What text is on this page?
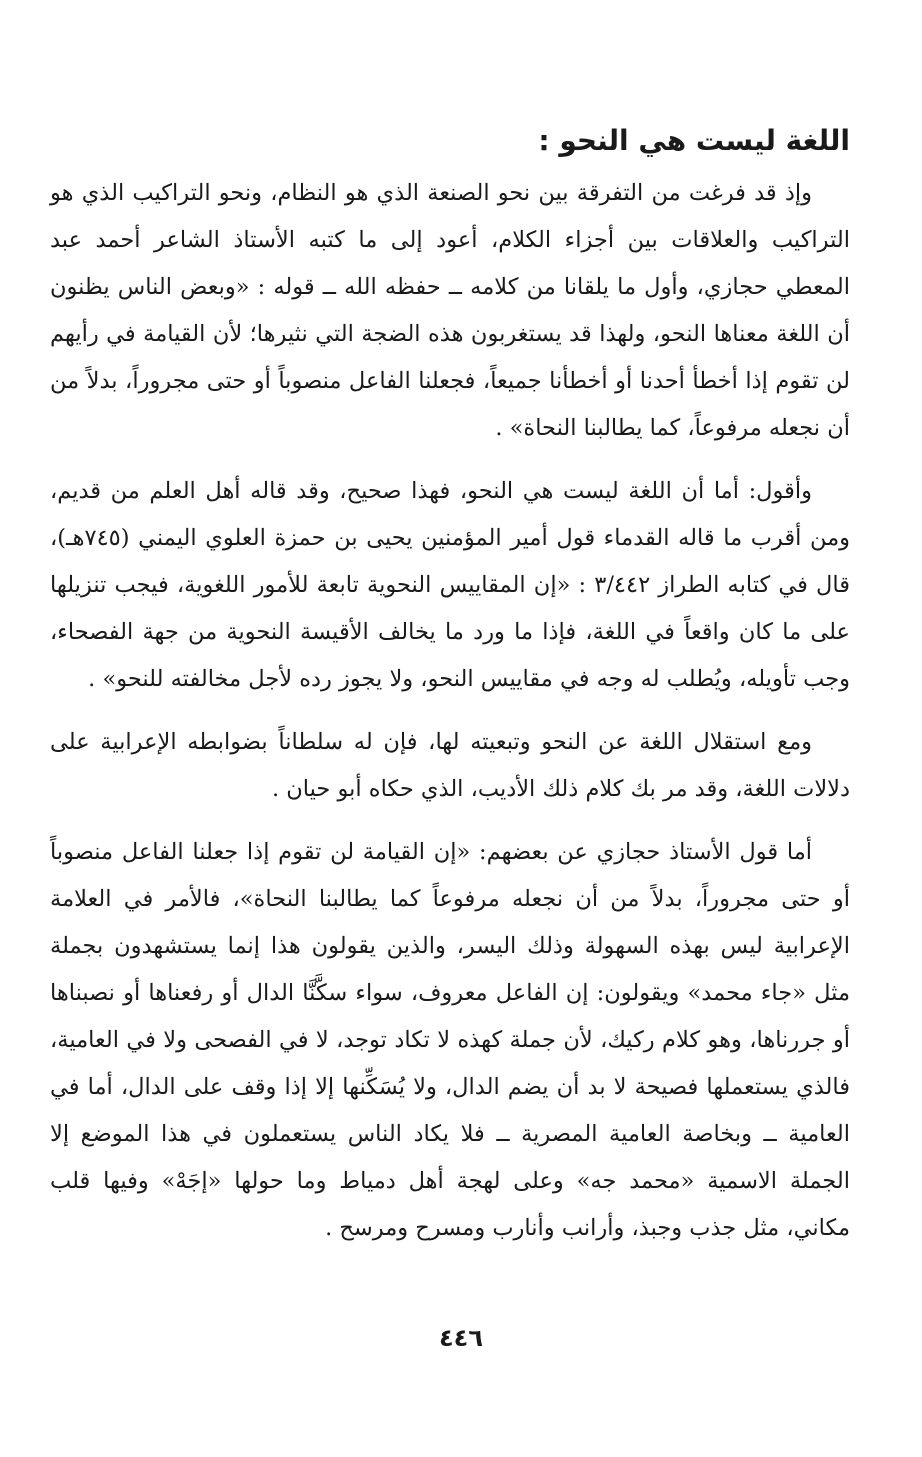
اللغة ليست هي النحو :

وإذ قد فرغت من التفرقة بين نحو الصنعة الذي هو النظام، ونحو التراكيب الذي هو التراكيب والعلاقات بين أجزاء الكلام، أعود إلى ما كتبه الأستاذ الشاعر أحمد عبد المعطي حجازي، وأول ما يلقانا من كلامه ــ حفظه الله ــ قوله : «وبعض الناس يظنون أن اللغة معناها النحو، ولهذا قد يستغربون هذه الضجة التي نثيرها؛ لأن القيامة في رأيهم لن تقوم إذا أخطأ أحدنا أو أخطأنا جميعاً، فجعلنا الفاعل منصوباً أو حتى مجروراً، بدلاً من أن نجعله مرفوعاً، كما يطالبنا النحاة» .

وأقول: أما أن اللغة ليست هي النحو، فهذا صحيح، وقد قاله أهل العلم من قديم، ومن أقرب ما قاله القدماء قول أمير المؤمنين يحيى بن حمزة العلوي اليمني (٧٤٥هـ)، قال في كتابه الطراز ٣/٤٤٢ : «إن المقاييس النحوية تابعة للأمور اللغوية، فيجب تنزيلها على ما كان واقعاً في اللغة، فإذا ما ورد ما يخالف الأقيسة النحوية من جهة الفصحاء، وجب تأويله، ويُطلب له وجه في مقاييس النحو، ولا يجوز رده لأجل مخالفته للنحو» .

ومع استقلال اللغة عن النحو وتبعيته لها، فإن له سلطاناً بضوابطه الإعرابية على دلالات اللغة، وقد مر بك كلام ذلك الأديب، الذي حكاه أبو حيان .

أما قول الأستاذ حجازي عن بعضهم: «إن القيامة لن تقوم إذا جعلنا الفاعل منصوباً أو حتى مجروراً، بدلاً من أن نجعله مرفوعاً كما يطالبنا النحاة»، فالأمر في العلامة الإعرابية ليس بهذه السهولة وذلك اليسر، والذين يقولون هذا إنما يستشهدون بجملة مثل «جاء محمد» ويقولون: إن الفاعل معروف، سواء سكَّنَّا الدال أو رفعناها أو نصبناها أو جررناها، وهو كلام ركيك، لأن جملة كهذه لا تكاد توجد، لا في الفصحى ولا في العامية، فالذي يستعملها فصيحة لا بد أن يضم الدال، ولا يُسَكِّنها إلا إذا وقف على الدال، أما في العامية ــ وبخاصة العامية المصرية ــ فلا يكاد الناس يستعملون في هذا الموضع إلا الجملة الاسمية «محمد جه» وعلى لهجة أهل دمياط وما حولها «إجَهْ» وفيها قلب مكاني، مثل جذب وجبذ، وأرانب وأنارب ومسرح ومرسح .

٤٤٦
